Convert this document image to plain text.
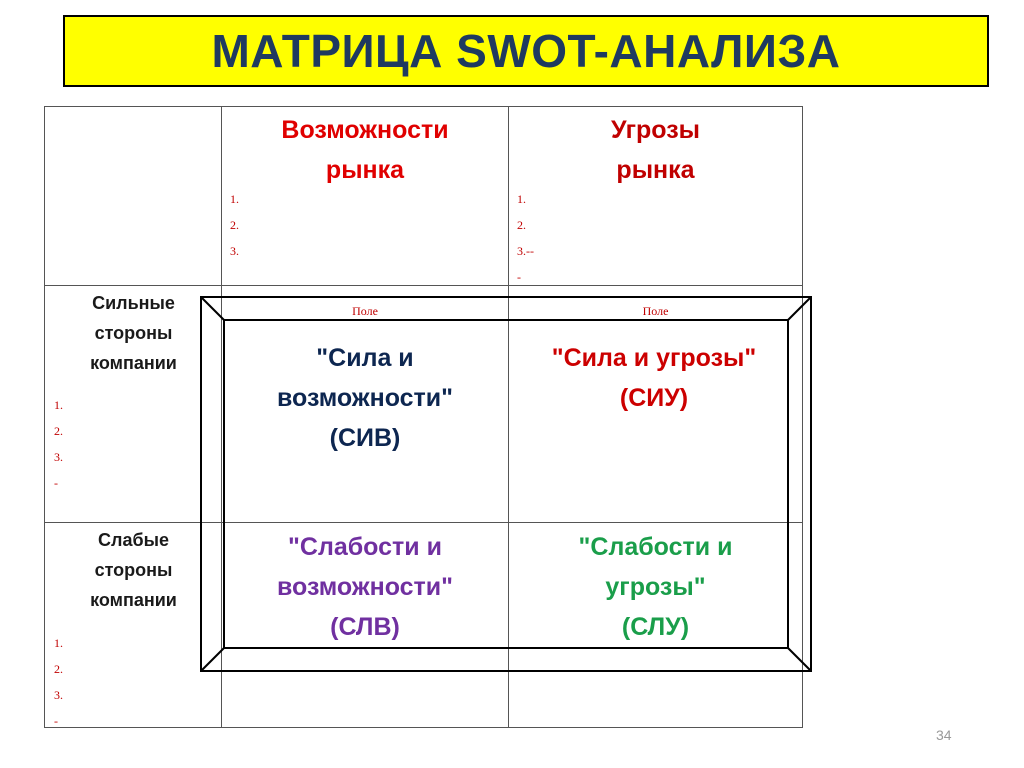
МАТРИЦА SWOT-АНАЛИЗА
Возможности
рынка
1.
2.
3.
Угрозы
рынка
1.
2.
3.--
-
Сильные
стороны
компании
1.
2.
3.
-
Слабые
стороны
компании
1.
2.
3.
-
Поле	Поле
"Сила и
возможности"
(СИВ)
"Сила и угрозы"
(СИУ)
"Слабости и
возможности"
(СЛВ)
"Слабости и
угрозы"
(СЛУ)
34
